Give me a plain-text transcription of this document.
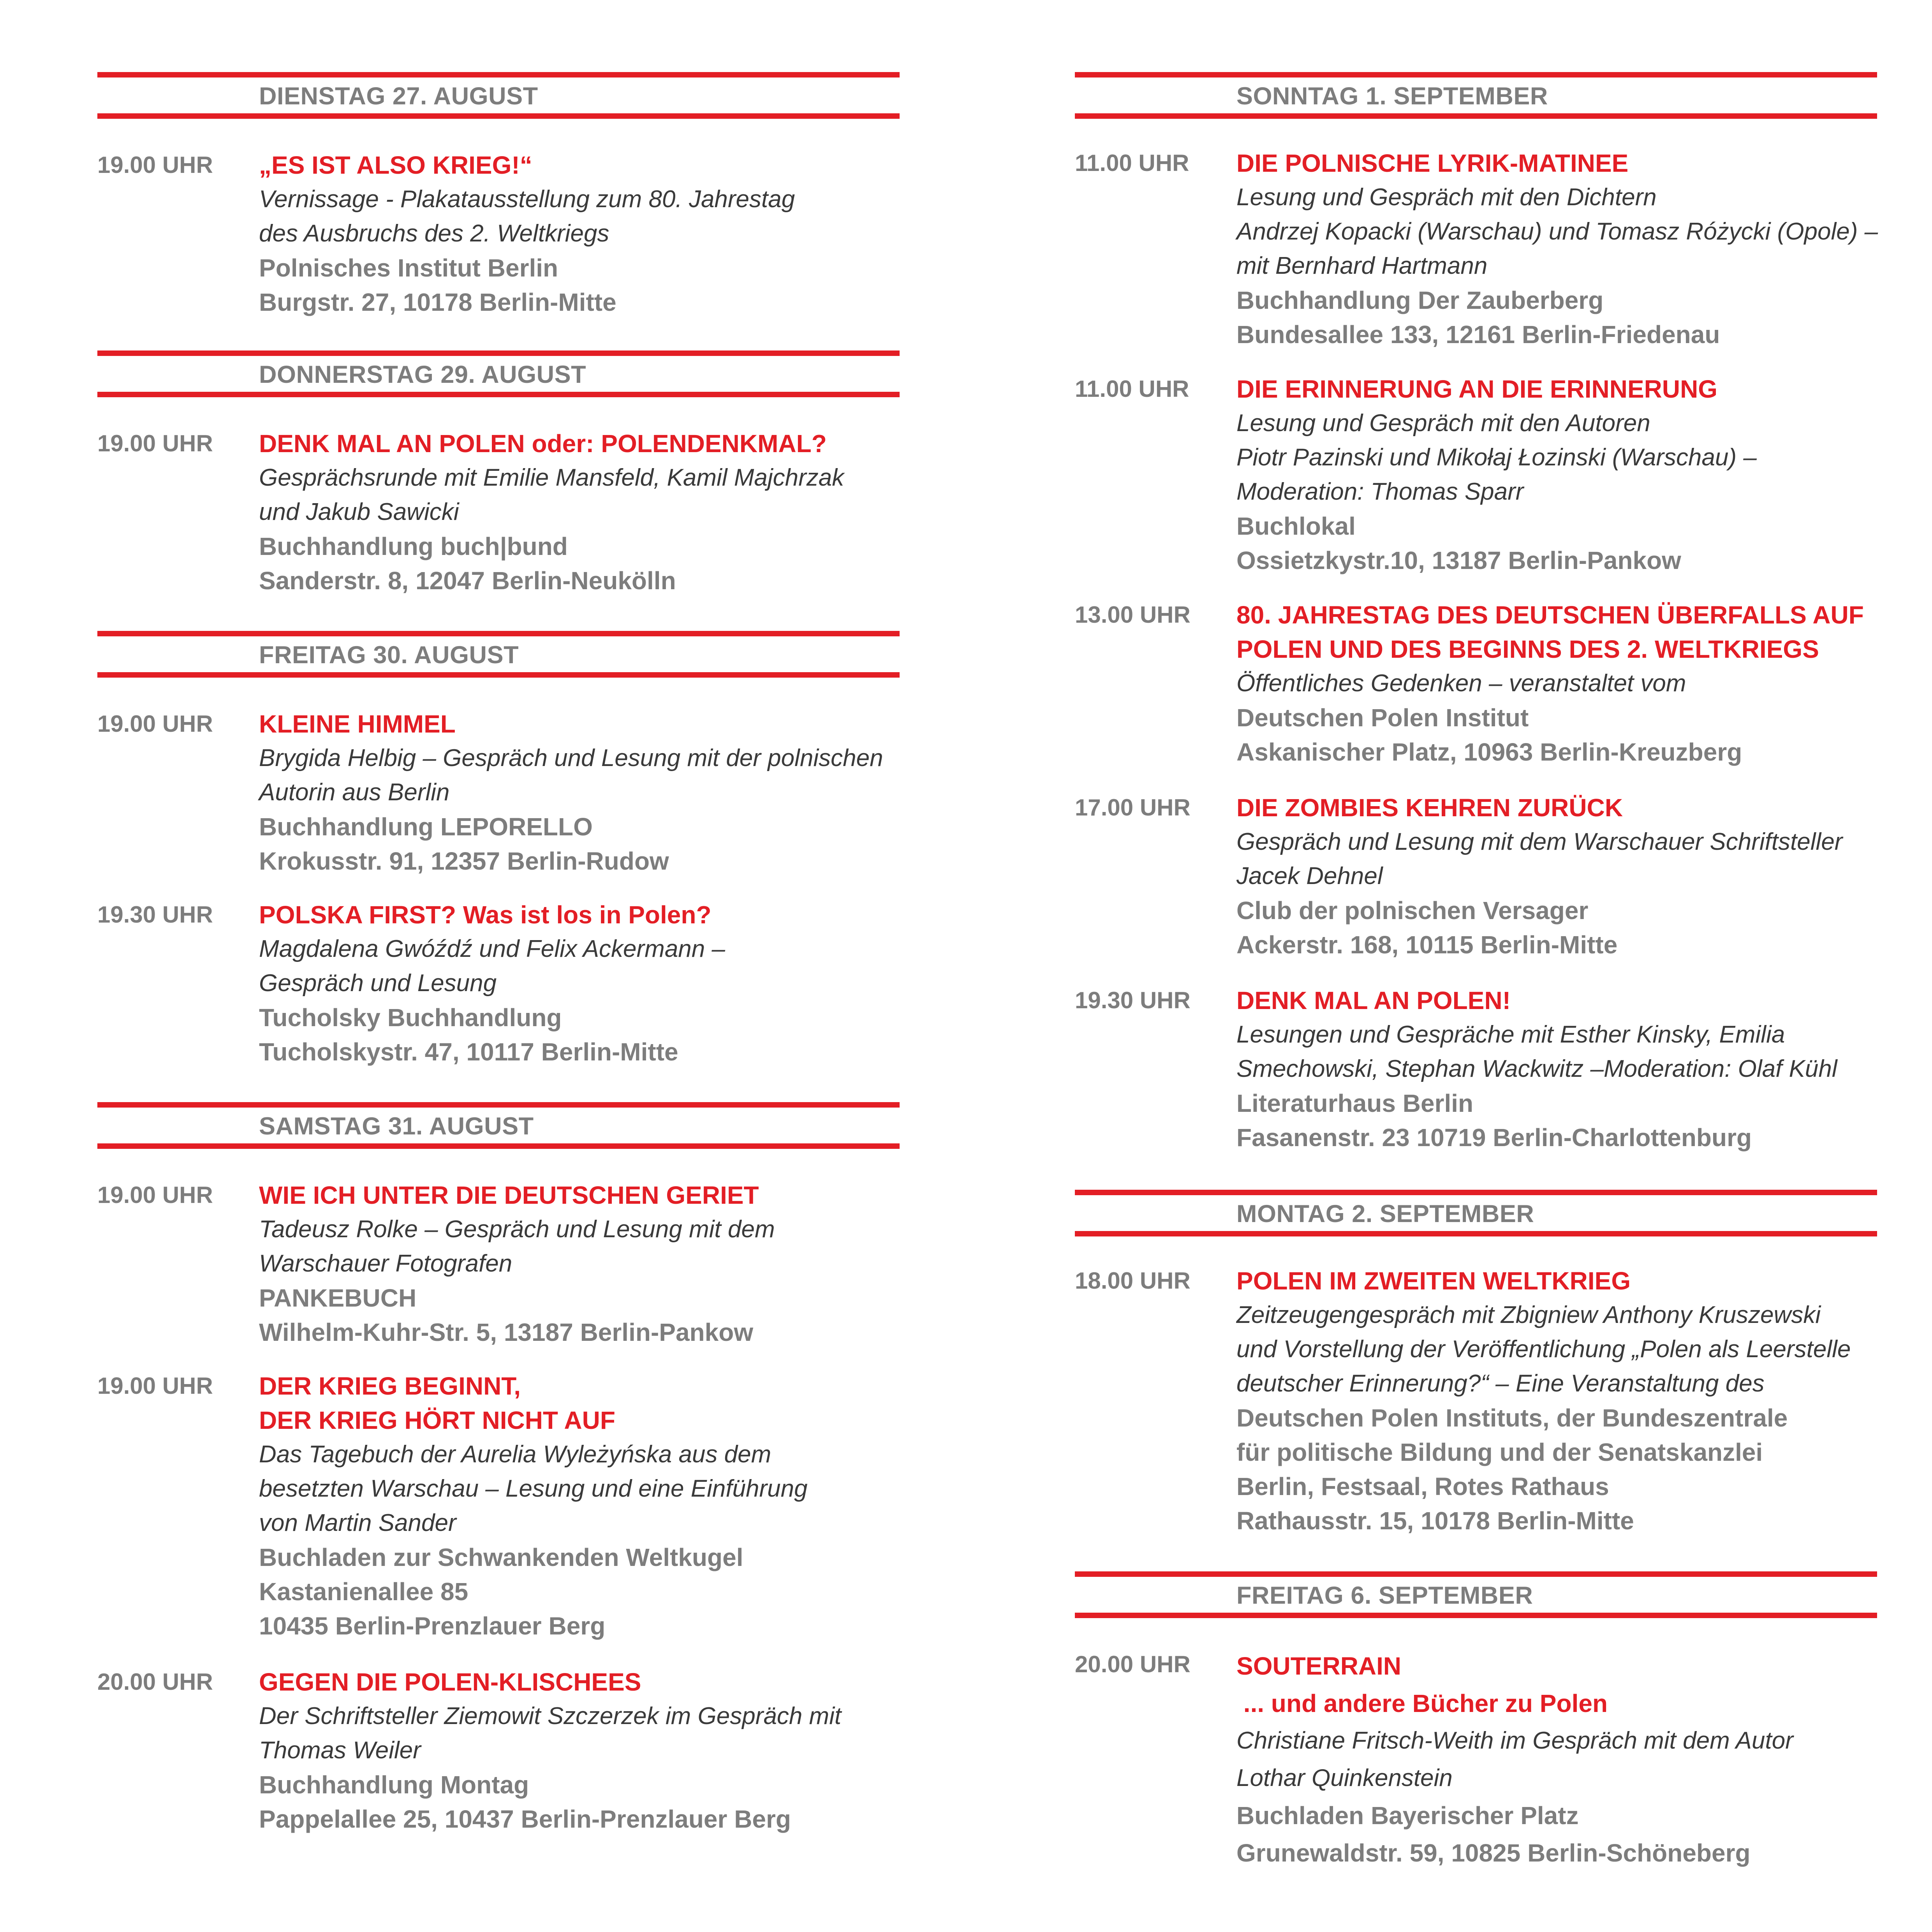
DIENSTAG 27. AUGUST
19.00 UHR „ES IST ALSO KRIEG!“
Vernissage - Plakatausstellung zum 80. Jahrestag
des Ausbruchs des 2. Weltkriegs
Polnisches Institut Berlin
Burgstr. 27, 10178 Berlin-Mitte
DONNERSTAG 29. AUGUST
19.00 UHR DENK MAL AN POLEN oder: POLENDENKMAL?
Gesprächsrunde mit Emilie Mansfeld, Kamil Majchrzak
und Jakub Sawicki
Buchhandlung buch|bund
Sanderstr. 8, 12047 Berlin-Neukölln
FREITAG 30. AUGUST
19.00 UHR KLEINE HIMMEL
Brygida Helbig – Gespräch und Lesung mit der polnischen
Autorin aus Berlin
Buchhandlung LEPORELLO
Krokusstr. 91, 12357 Berlin-Rudow
19.30 UHR POLSKA FIRST? Was ist los in Polen?
Magdalena Gwóźdź und Felix Ackermann –
Gespräch und Lesung
Tucholsky Buchhandlung
Tucholskystr. 47, 10117 Berlin-Mitte
SAMSTAG 31. AUGUST
19.00 UHR WIE ICH UNTER DIE DEUTSCHEN GERIET
Tadeusz Rolke – Gespräch und Lesung mit dem
Warschauer Fotografen
PANKEBUCH
Wilhelm-Kuhr-Str. 5, 13187 Berlin-Pankow
19.00 UHR DER KRIEG BEGINNT,
DER KRIEG HÖRT NICHT AUF
Das Tagebuch der Aurelia Wyleżyńska aus dem
besetzten Warschau – Lesung und eine Einführung
von Martin Sander
Buchladen zur Schwankenden Weltkugel
Kastanienallee 85
10435 Berlin-Prenzlauer Berg
20.00 UHR GEGEN DIE POLEN-KLISCHEES
Der Schriftsteller Ziemowit Szczerzek im Gespräch mit
Thomas Weiler
Buchhandlung Montag
Pappelallee 25, 10437 Berlin-Prenzlauer Berg
SONNTAG 1. SEPTEMBER
11.00 UHR DIE POLNISCHE LYRIK-MATINEE
Lesung und Gespräch mit den Dichtern
Andrzej Kopacki (Warschau) und Tomasz Różycki (Opole) –
mit Bernhard Hartmann
Buchhandlung Der Zauberberg
Bundesallee 133, 12161 Berlin-Friedenau
11.00 UHR DIE ERINNERUNG AN DIE ERINNERUNG
Lesung und Gespräch mit den Autoren
Piotr Pazinski und Mikołaj Łozinski (Warschau) –
Moderation: Thomas Sparr
Buchlokal
Ossietzkystr.10, 13187 Berlin-Pankow
13.00 UHR 80. JAHRESTAG DES DEUTSCHEN ÜBERFALLS AUF
POLEN UND DES BEGINNS DES 2. WELTKRIEGS
Öffentliches Gedenken – veranstaltet vom
Deutschen Polen Institut
Askanischer Platz, 10963 Berlin-Kreuzberg
17.00 UHR DIE ZOMBIES KEHREN ZURÜCK
Gespräch und Lesung mit dem Warschauer Schriftsteller
Jacek Dehnel
Club der polnischen Versager
Ackerstr. 168, 10115 Berlin-Mitte
19.30 UHR DENK MAL AN POLEN!
Lesungen und Gespräche mit Esther Kinsky, Emilia
Smechowski, Stephan Wackwitz –Moderation: Olaf Kühl
Literaturhaus Berlin
Fasanenstr. 23 10719 Berlin-Charlottenburg
MONTAG 2. SEPTEMBER
18.00 UHR POLEN IM ZWEITEN WELTKRIEG
Zeitzeugengespräch mit Zbigniew Anthony Kruszewski
und Vorstellung der Veröffentlichung „Polen als Leerstelle
deutscher Erinnerung?“ – Eine Veranstaltung des
Deutschen Polen Instituts, der Bundeszentrale
für politische Bildung und der Senatskanzlei
Berlin, Festsaal, Rotes Rathaus
Rathausstr. 15, 10178 Berlin-Mitte
FREITAG 6. SEPTEMBER
20.00 UHR SOUTERRAIN
... und andere Bücher zu Polen
Christiane Fritsch-Weith im Gespräch mit dem Autor
Lothar Quinkenstein
Buchladen Bayerischer Platz
Grunewaldstr. 59, 10825 Berlin-Schöneberg
